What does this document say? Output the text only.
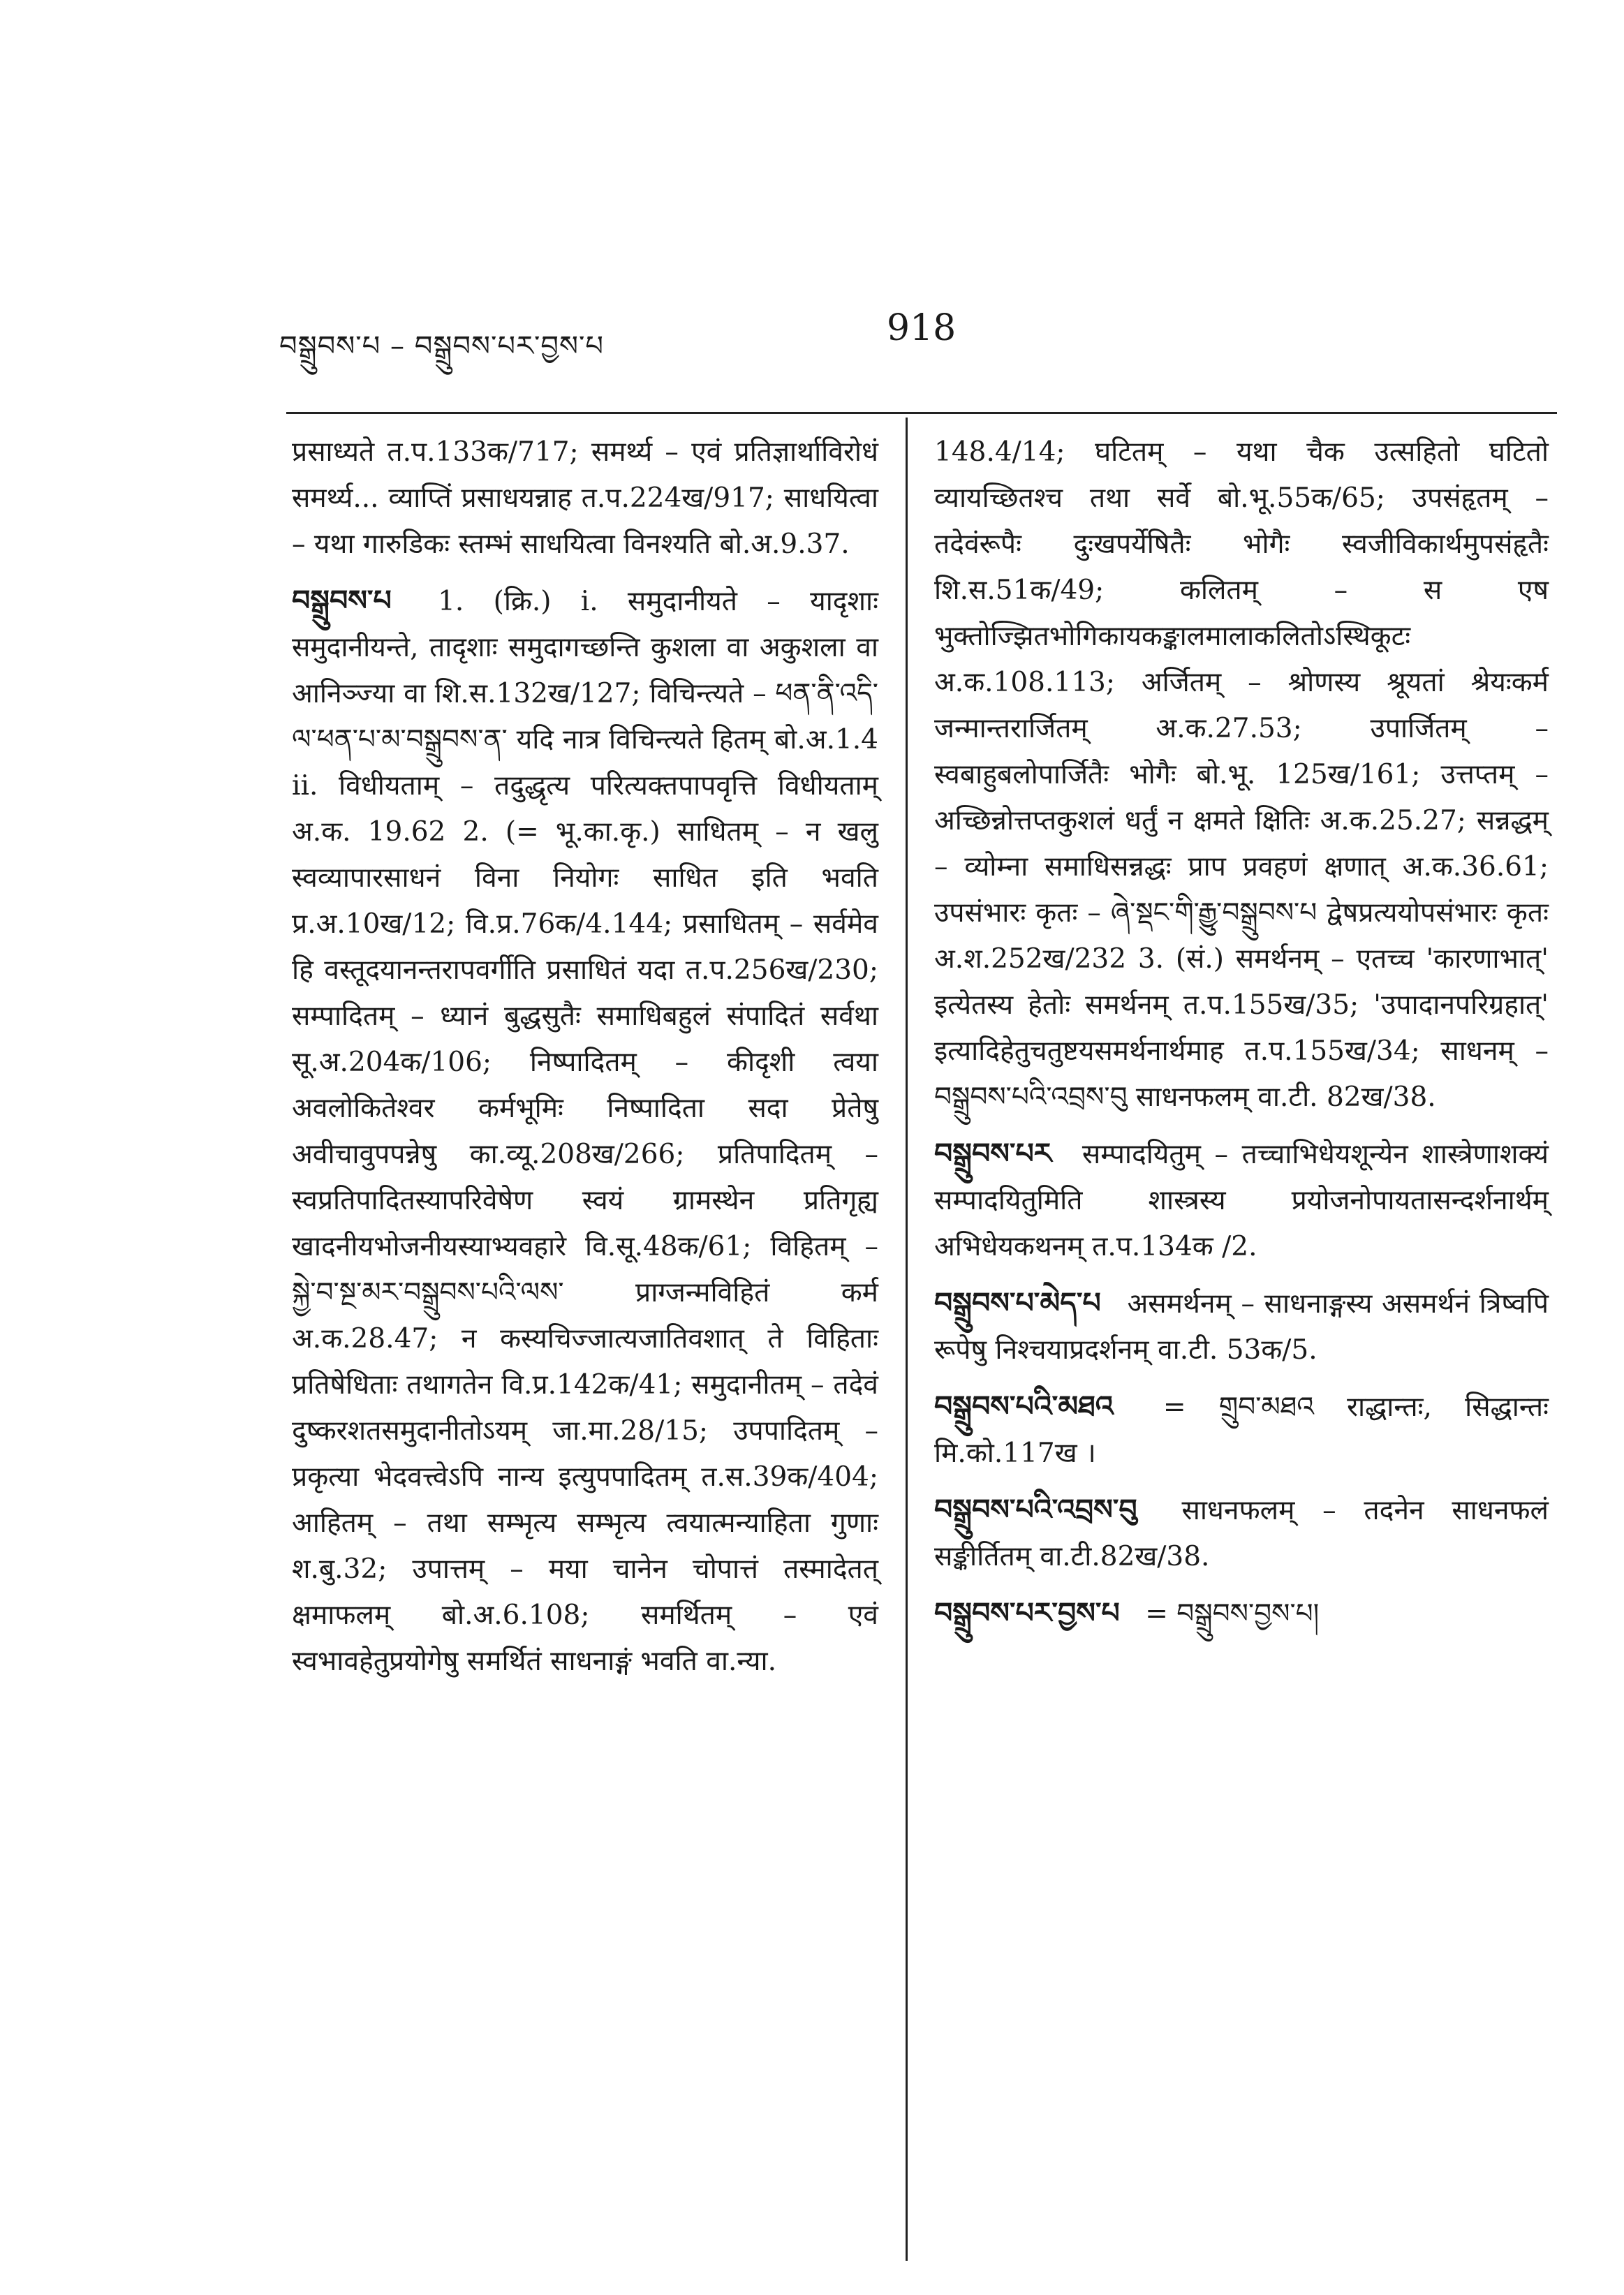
བསྒྲུབས་པ – བསྒྲུབས་པར་བྱས་པ	918

प्रसाध्यते त.प.133क/717; समर्थ्य – एवं प्रतिज्ञार्थाविरोधं समर्थ्य... व्याप्तिं प्रसाधयन्नाह त.प.224ख/917; साधयित्वा – यथा गारुडिकः स्तम्भं साधयित्वा विनश्यति बो.अ.9.37.

བསྒྲུབས་པ 1. (क्रि.) i. समुदानीयते – यादृशाः समुदानीयन्ते, तादृशाः समुदागच्छन्ति कुशला वा अकुशला वा आनिञ्ज्या वा शि.स.132ख/127; विचिन्त्यते – ཕན་ནི་འདི་ལ་ཕན་པ་མ་བསྒྲུབས་ན་ यदि नात्र विचिन्त्यते हितम् बो.अ.1.4 ii. विधीयताम् – तदुद्धृत्य परित्यक्तपापवृत्ति विधीयताम् अ.क. 19.62 2. (= भू.का.कृ.) साधितम् – न खलु स्वव्यापारसाधनं विना नियोगः साधित इति भवति प्र.अ.10ख/12; वि.प्र.76क/4.144; प्रसाधितम् – सर्वमेव हि वस्तूदयानन्तरापवर्गीति प्रसाधितं यदा त.प.256ख/230; सम्पादितम् – ध्यानं बुद्धसुतैः समाधिबहुलं संपादितं सर्वथा सू.अ.204क/106; निष्पादितम् – कीदृशी त्वया अवलोकितेश्वर कर्मभूमिः निष्पादिता सदा प्रेतेषु अवीचावुपपन्नेषु का.व्यू.208ख/266; प्रतिपादितम् – स्वप्रतिपादितस्यापरिवेषेण स्वयं ग्रामस्थेन प्रतिगृह्य खादनीयभोजनीयस्याभ्यवहारे वि.सू.48क/61; विहितम् – སྐྱེ་བ་སྔ་མར་བསྒྲུབས་པའི་ལས་ प्राग्जन्मविहितं कर्म अ.क.28.47; न कस्यचिज्जात्यजातिवशात् ते विहिताः प्रतिषेधिताः तथागतेन वि.प्र.142क/41; समुदानीतम् – तदेवं दुष्करशतसमुदानीतोऽयम् जा.मा.28/15; उपपादितम् – प्रकृत्या भेदवत्त्वेऽपि नान्य इत्युपपादितम् त.स.39क/404; आहितम् – तथा सम्भृत्य सम्भृत्य त्वयात्मन्याहिता गुणाः श.बु.32; उपात्तम् – मया चानेन चोपात्तं तस्मादेतत् क्षमाफलम् बो.अ.6.108; समर्थितम् – एवं स्वभावहेतुप्रयोगेषु समर्थितं साधनाङ्गं भवति वा.न्या.

148.4/14; घटितम् – यथा चैक उत्सहितो घटितो व्यायच्छितश्च तथा सर्वे बो.भू.55क/65; उपसंहृतम् – तदेवंरूपैः दुःखपर्येषितैः भोगैः स्वजीविकार्थमुपसंहृतैः शि.स.51क/49; कलितम् – स एष भुक्तोज्झितभोगिकायकङ्कालमालाकलितोऽस्थिकूटः अ.क.108.113; अर्जितम् – श्रोणस्य श्रूयतां श्रेयःकर्म जन्मान्तरार्जितम् अ.क.27.53; उपार्जितम् – स्वबाहुबलोपार्जितैः भोगैः बो.भू. 125ख/161; उत्तप्तम् – अच्छिन्नोत्तप्तकुशलं धर्तुं न क्षमते क्षितिः अ.क.25.27; सन्नद्धम् – व्योम्ना समाधिसन्नद्धः प्राप प्रवहणं क्षणात् अ.क.36.61; उपसंभारः कृतः – ཞེ་སྡང་གི་རྒྱུ་བསྒྲུབས་པ द्वेषप्रत्ययोपसंभारः कृतः अ.श.252ख/232 3. (सं.) समर्थनम् – एतच्च 'कारणाभात्' इत्येतस्य हेतोः समर्थनम् त.प.155ख/35; 'उपादानपरिग्रहात्' इत्यादिहेतुचतुष्टयसमर्थनार्थमाह त.प.155ख/34; साधनम् – བསྒྲུབས་པའི་འབྲས་བུ साधनफलम् वा.टी. 82ख/38.

བསྒྲུབས་པར सम्पादयितुम् – तच्चाभिधेयशून्येन शास्त्रेणाशक्यं सम्पादयितुमिति शास्त्रस्य प्रयोजनोपायतासन्दर्शनार्थम् अभिधेयकथनम् त.प.134क /2.

བསྒྲུབས་པ་མེད་པ असमर्थनम् – साधनाङ्गस्य असमर्थनं त्रिष्वपि रूपेषु निश्चयाप्रदर्शनम् वा.टी. 53क/5.

བསྒྲུབས་པའི་མཐའ = གྲུབ་མཐའ राद्धान्तः, सिद्धान्तः मि.को.117ख ।

བསྒྲུབས་པའི་འབྲས་བུ साधनफलम् – तदनेन साधनफलं सङ्कीर्तितम् वा.टी.82ख/38.

བསྒྲུབས་པར་བྱས་པ = བསྒྲུབས་བྱས་པ།
